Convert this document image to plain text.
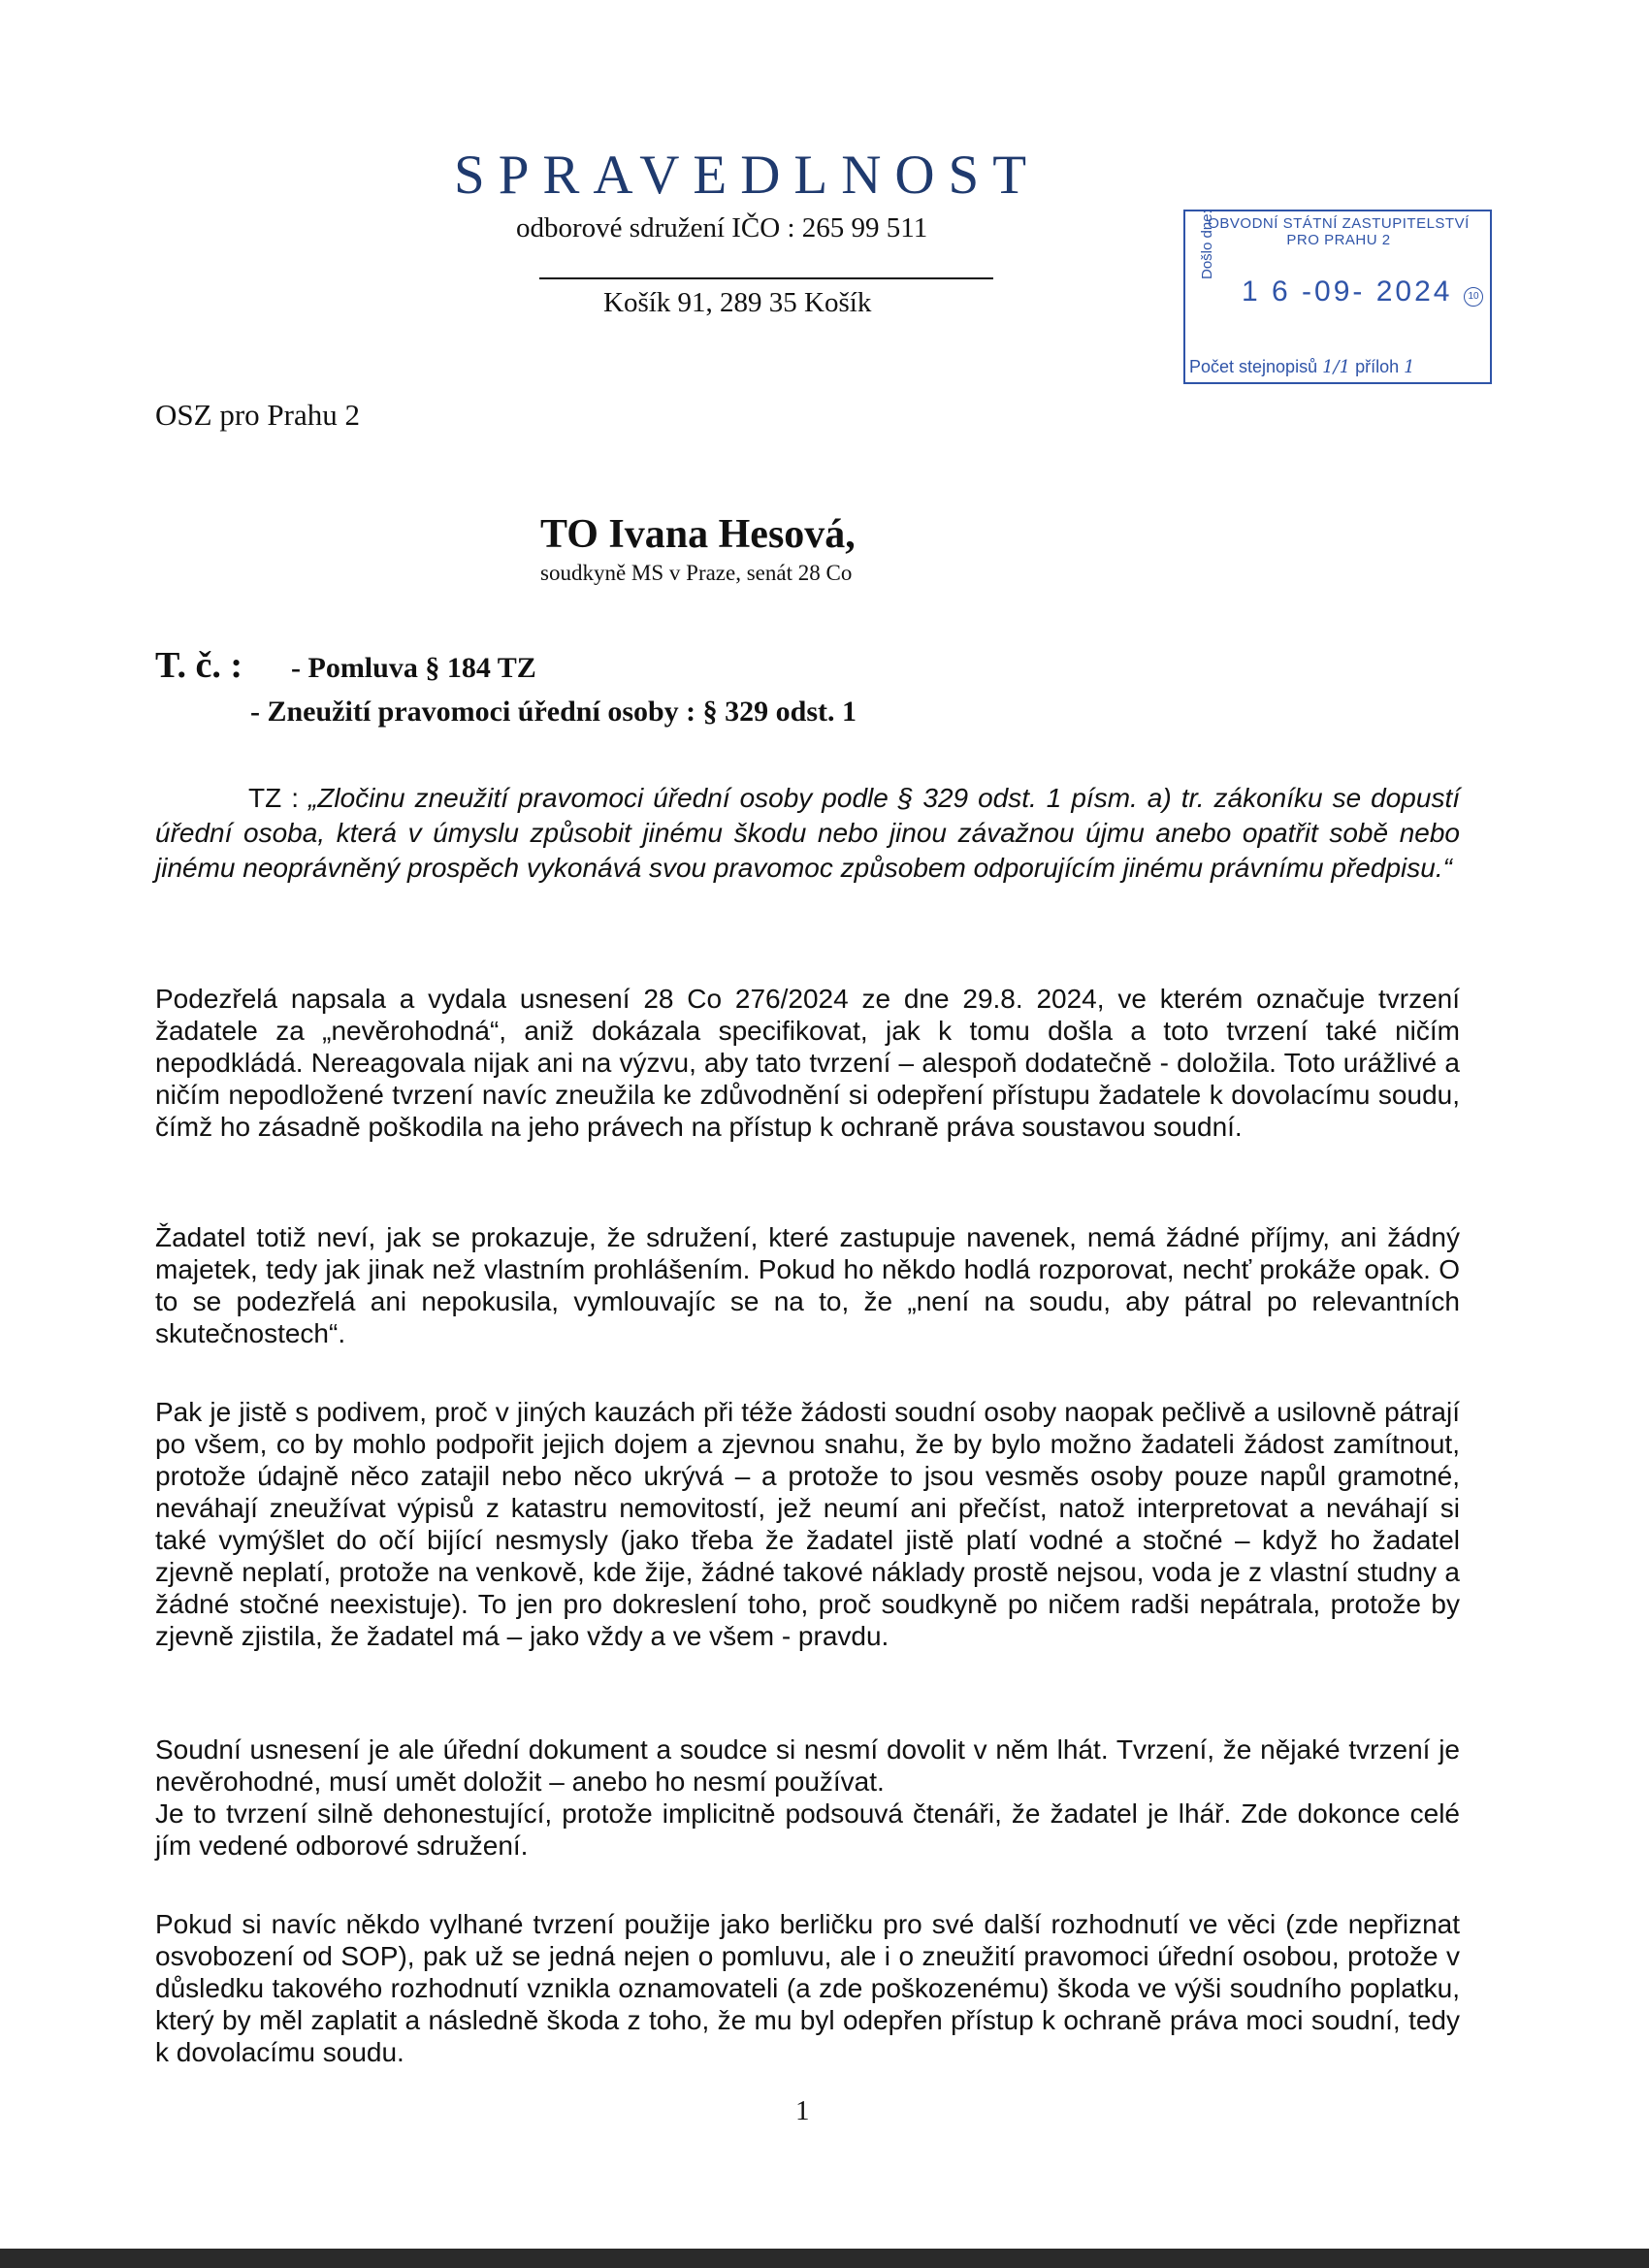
SPRAVEDLNOST
odborové sdružení IČO : 265 99 511
Košík 91, 289 35 Košík
OBVODNÍ STÁTNÍ ZASTUPITELSTVÍ PRO PRAHU 2
Došlo dne:
1 6 -09- 2024	10
Počet stejnopisů 1/1 příloh 1
OSZ pro Prahu 2
TO Ivana Hesová,
soudkyně MS v Praze, senát 28 Co
T. č. : - Pomluva § 184 TZ
- Zneužití pravomoci úřední osoby : § 329 odst. 1
TZ : „Zločinu zneužití pravomoci úřední osoby podle § 329 odst. 1 písm. a) tr. zákoníku se dopustí úřední osoba, která v úmyslu způsobit jinému škodu nebo jinou závažnou újmu anebo opatřit sobě nebo jinému neoprávněný prospěch vykonává svou pravomoc způsobem odporujícím jinému právnímu předpisu.“
Podezřelá napsala a vydala usnesení 28 Co 276/2024 ze dne 29.8. 2024, ve kterém označuje tvrzení žadatele za „nevěrohodná“, aniž dokázala specifikovat, jak k tomu došla a toto tvrzení také ničím nepodkládá. Nereagovala nijak ani na výzvu, aby tato tvrzení – alespoň dodatečně - doložila. Toto urážlivé a ničím nepodložené tvrzení navíc zneužila ke zdůvodnění si odepření přístupu žadatele k dovolacímu soudu, čímž ho zásadně poškodila na jeho právech na přístup k ochraně práva soustavou soudní.
Žadatel totiž neví, jak se prokazuje, že sdružení, které zastupuje navenek, nemá žádné příjmy, ani žádný majetek, tedy jak jinak než vlastním prohlášením. Pokud ho někdo hodlá rozporovat, nechť prokáže opak. O to se podezřelá ani nepokusila, vymlouvajíc se na to, že „není na soudu, aby pátral po relevantních skutečnostech“.
Pak je jistě s podivem, proč v jiných kauzách při téže žádosti soudní osoby naopak pečlivě a usilovně pátrají po všem, co by mohlo podpořit jejich dojem a zjevnou snahu, že by bylo možno žadateli žádost zamítnout, protože údajně něco zatajil nebo něco ukrývá – a protože to jsou vesměs osoby pouze napůl gramotné, neváhají zneužívat výpisů z katastru nemovitostí, jež neumí ani přečíst, natož interpretovat a neváhají si také vymýšlet do očí bijící nesmysly (jako třeba že žadatel jistě platí vodné a stočné – když ho žadatel zjevně neplatí, protože na venkově, kde žije, žádné takové náklady prostě nejsou, voda je z vlastní studny a žádné stočné neexistuje). To jen pro dokreslení toho, proč soudkyně po ničem radši nepátrala, protože by zjevně zjistila, že žadatel má – jako vždy a ve všem - pravdu.
Soudní usnesení je ale úřední dokument a soudce si nesmí dovolit v něm lhát. Tvrzení, že nějaké tvrzení je nevěrohodné, musí umět doložit – anebo ho nesmí používat.
Je to tvrzení silně dehonestující, protože implicitně podsouvá čtenáři, že žadatel je lhář. Zde dokonce celé jím vedené odborové sdružení.
Pokud si navíc někdo vylhané tvrzení použije jako berličku pro své další rozhodnutí ve věci (zde nepřiznat osvobození od SOP), pak už se jedná nejen o pomluvu, ale i o zneužití pravomoci úřední osobou, protože v důsledku takového rozhodnutí vznikla oznamovateli (a zde poškozenému) škoda ve výši soudního poplatku, který by měl zaplatit a následně škoda z toho, že mu byl odepřen přístup k ochraně práva moci soudní, tedy k dovolacímu soudu.
1
